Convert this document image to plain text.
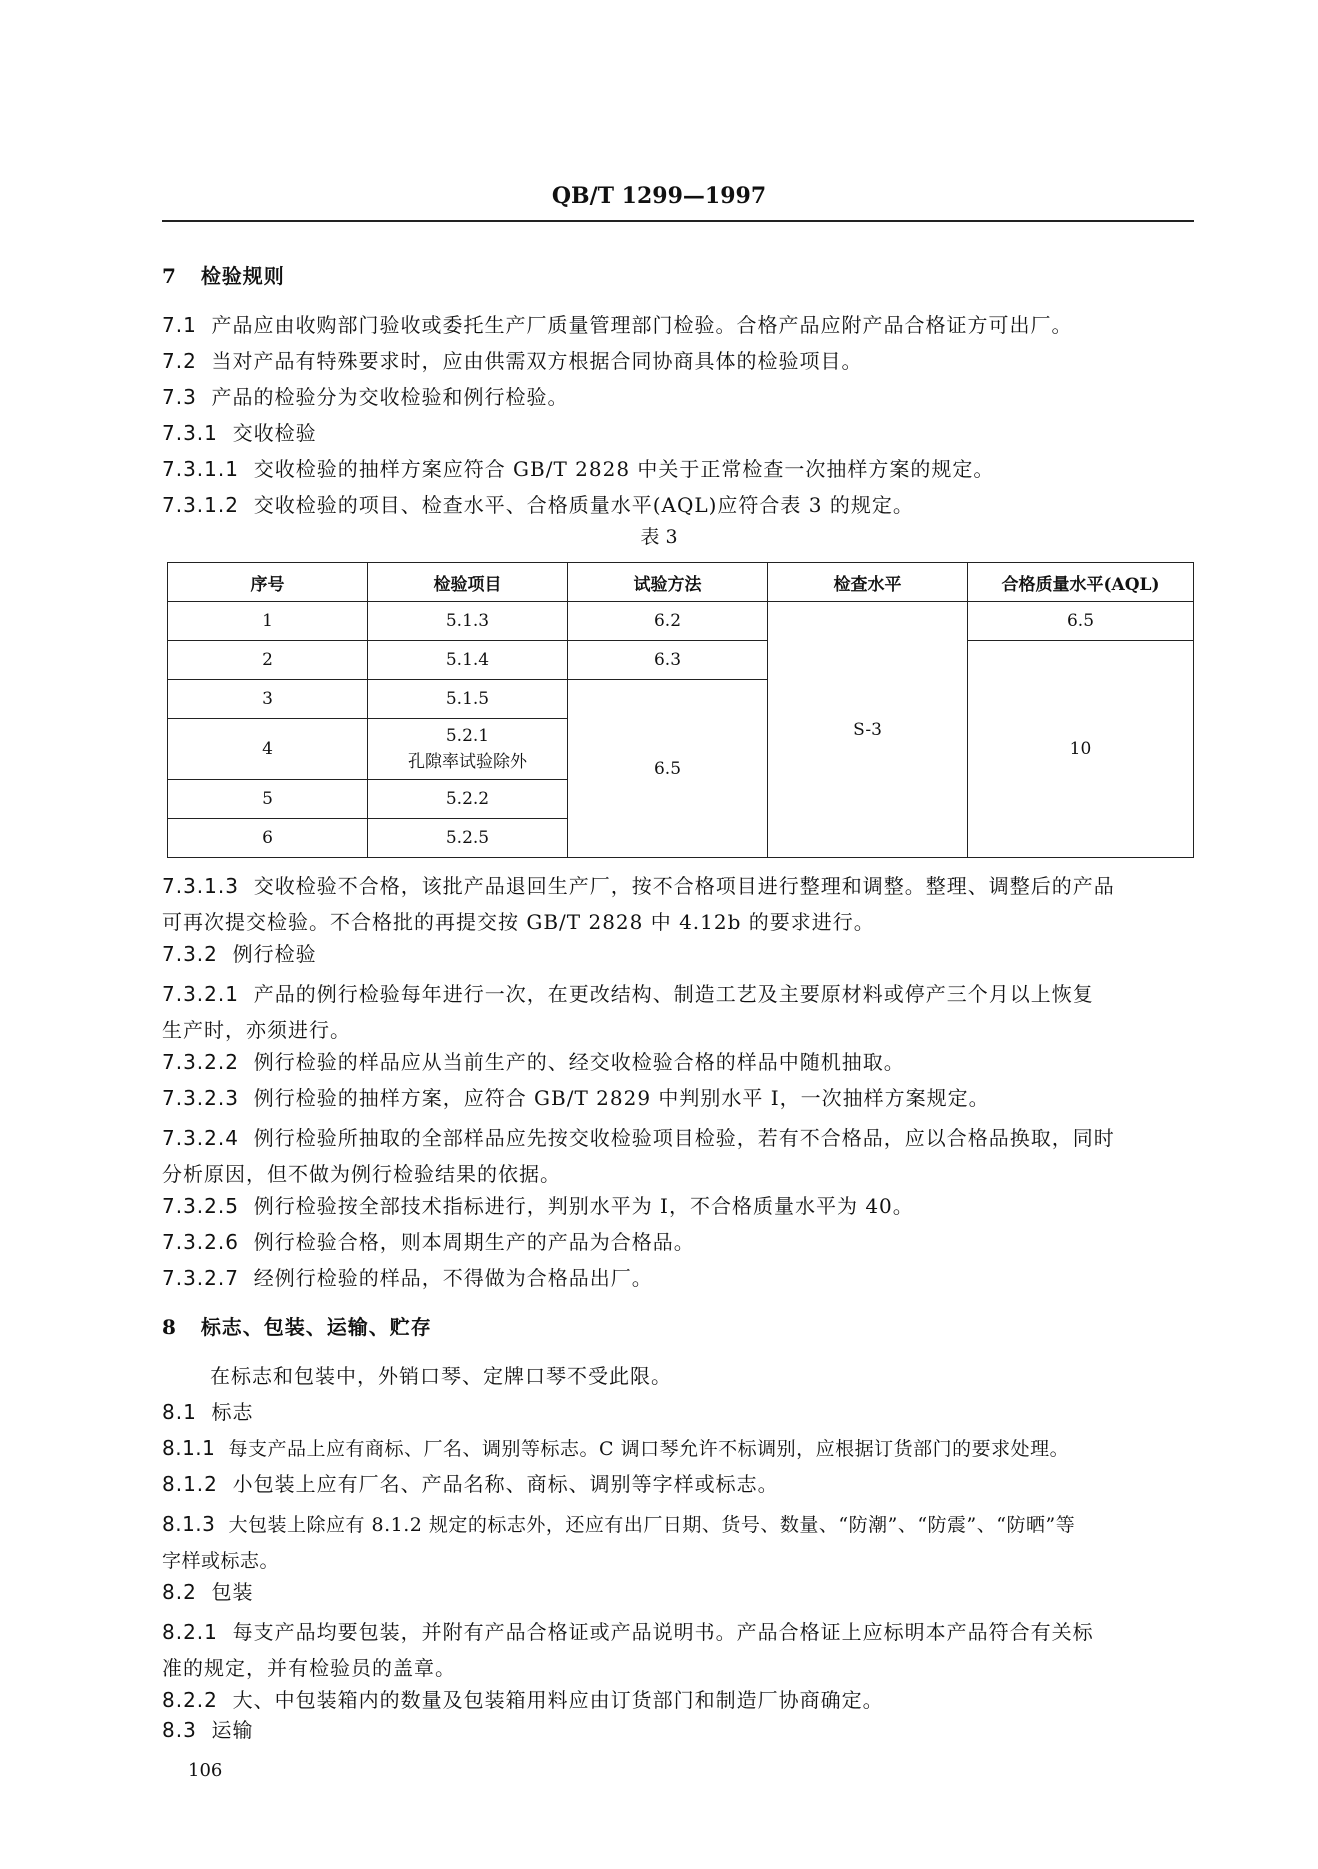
QB/T 1299—1997
7 检验规则
7.1 产品应由收购部门验收或委托生产厂质量管理部门检验。合格产品应附产品合格证方可出厂。
7.2 当对产品有特殊要求时，应由供需双方根据合同协商具体的检验项目。
7.3 产品的检验分为交收检验和例行检验。
7.3.1 交收检验
7.3.1.1 交收检验的抽样方案应符合 GB/T 2828 中关于正常检查一次抽样方案的规定。
7.3.1.2 交收检验的项目、检查水平、合格质量水平(AQL)应符合表 3 的规定。
表 3
序号	检验项目	试验方法	检查水平	合格质量水平(AQL)
1	5.1.3	6.2	S-3	6.5
2	5.1.4	6.3		10
3	5.1.5	6.5		
4	5.2.1
孔隙率试验除外			

5	5.2.2			
6	5.2.5			
7.3.1.3 交收检验不合格，该批产品退回生产厂，按不合格项目进行整理和调整。整理、调整后的产品
可再次提交检验。不合格批的再提交按 GB/T 2828 中 4.12b 的要求进行。
7.3.2 例行检验
7.3.2.1 产品的例行检验每年进行一次，在更改结构、制造工艺及主要原材料或停产三个月以上恢复
生产时，亦须进行。
7.3.2.2 例行检验的样品应从当前生产的、经交收检验合格的样品中随机抽取。
7.3.2.3 例行检验的抽样方案，应符合 GB/T 2829 中判别水平 Ⅰ，一次抽样方案规定。
7.3.2.4 例行检验所抽取的全部样品应先按交收检验项目检验，若有不合格品，应以合格品换取，同时
分析原因，但不做为例行检验结果的依据。
7.3.2.5 例行检验按全部技术指标进行，判别水平为 Ⅰ，不合格质量水平为 40。
7.3.2.6 例行检验合格，则本周期生产的产品为合格品。
7.3.2.7 经例行检验的样品，不得做为合格品出厂。
8 标志、包装、运输、贮存
在标志和包装中，外销口琴、定牌口琴不受此限。
8.1 标志
8.1.1 每支产品上应有商标、厂名、调别等标志。C 调口琴允许不标调别，应根据订货部门的要求处理。
8.1.2 小包装上应有厂名、产品名称、商标、调别等字样或标志。
8.1.3 大包装上除应有 8.1.2 规定的标志外，还应有出厂日期、货号、数量、“防潮”、“防震”、“防晒”等
字样或标志。
8.2 包装
8.2.1 每支产品均要包装，并附有产品合格证或产品说明书。产品合格证上应标明本产品符合有关标
准的规定，并有检验员的盖章。
8.2.2 大、中包装箱内的数量及包装箱用料应由订货部门和制造厂协商确定。
8.3 运输
106
